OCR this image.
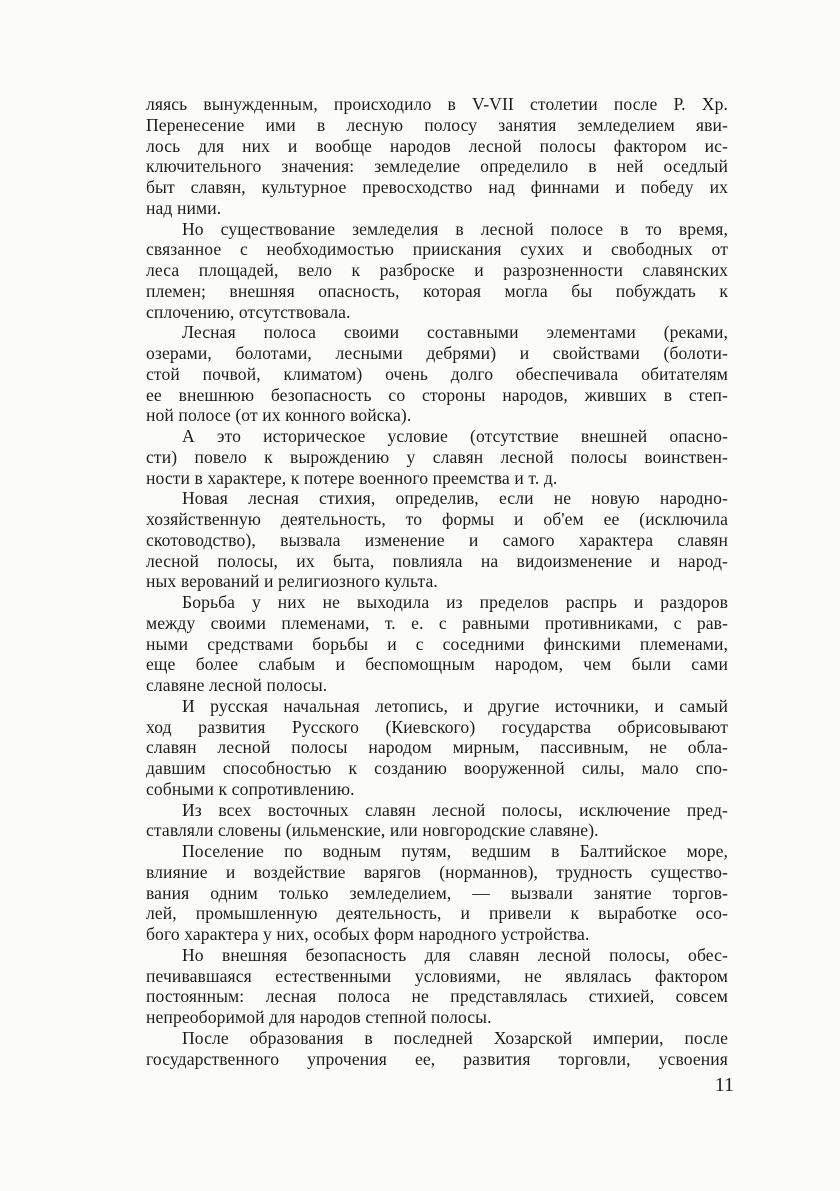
ляясь вынужденным, происходило в V-VII столетии после Р. Хр.
Перенесение ими в лесную полосу занятия земледелием яви-
лось для них и вообще народов лесной полосы фактором ис-
ключительного значения: земледелие определило в ней оседлый
быт славян, культурное превосходство над финнами и победу их
над ними.
Но существование земледелия в лесной полосе в то время,
связанное с необходимостью приискания сухих и свободных от
леса площадей, вело к разброске и разрозненности славянских
племен; внешняя опасность, которая могла бы побуждать к
сплочению, отсутствовала.
Лесная полоса своими составными элементами (реками,
озерами, болотами, лесными дебрями) и свойствами (болоти-
стой почвой, климатом) очень долго обеспечивала обитателям
ее внешнюю безопасность со стороны народов, живших в степ-
ной полосе (от их конного войска).
А это историческое условие (отсутствие внешней опасно-
сти) повело к вырождению у славян лесной полосы воинствен-
ности в характере, к потере военного преемства и т. д.
Новая лесная стихия, определив, если не новую народно-
хозяйственную деятельность, то формы и об'ем ее (исключила
скотоводство), вызвала изменение и самого характера славян
лесной полосы, их быта, повлияла на видоизменение и народ-
ных верований и религиозного культа.
Борьба у них не выходила из пределов распрь и раздоров
между своими племенами, т. е. с равными противниками, с рав-
ными средствами борьбы и с соседними финскими племенами,
еще более слабым и беспомощным народом, чем были сами
славяне лесной полосы.
И русская начальная летопись, и другие источники, и самый
ход развития Русского (Киевского) государства обрисовывают
славян лесной полосы народом мирным, пассивным, не обла-
давшим способностью к созданию вооруженной силы, мало спо-
собными к сопротивлению.
Из всех восточных славян лесной полосы, исключение пред-
ставляли словены (ильменские, или новгородские славяне).
Поселение по водным путям, ведшим в Балтийское море,
влияние и воздействие варягов (норманнов), трудность существо-
вания одним только земледелием, — вызвали занятие торгов-
лей, промышленную деятельность, и привели к выработке осо-
бого характера у них, особых форм народного устройства.
Но внешняя безопасность для славян лесной полосы, обес-
печивавшаяся естественными условиями, не являлась фактором
постоянным: лесная полоса не представлялась стихией, совсем
непреоборимой для народов степной полосы.
После образования в последней Хозарской империи, после
государственного упрочения ее, развития торговли, усвоения
11
